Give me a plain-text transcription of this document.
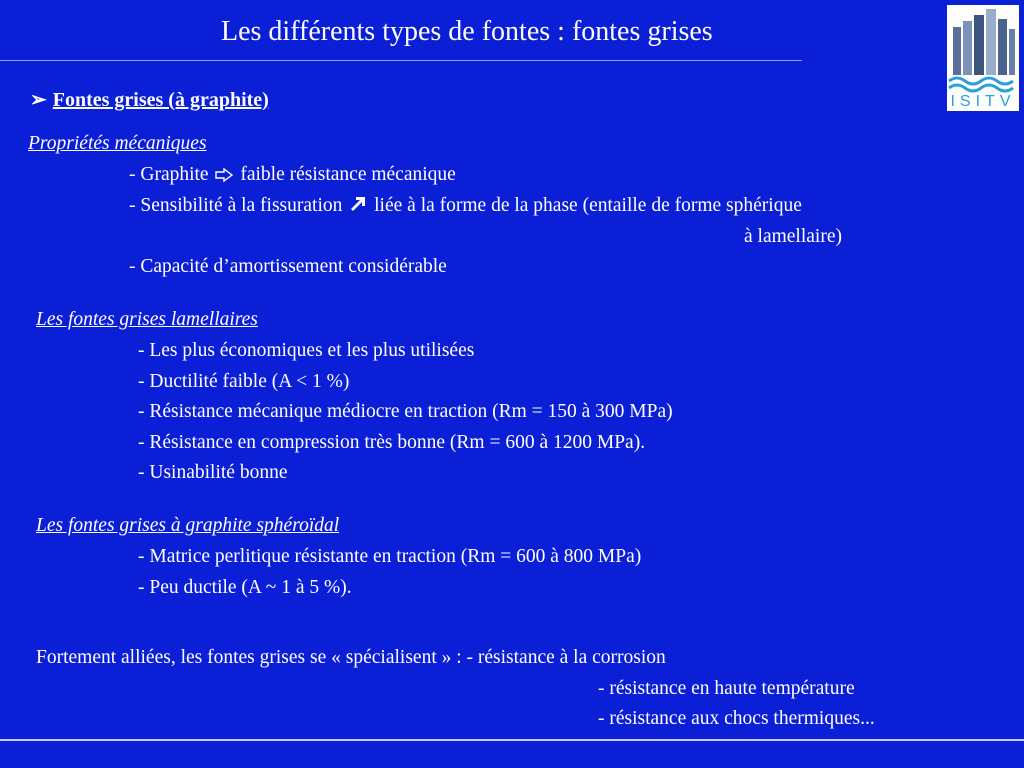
Les différents types de fontes : fontes grises
ISITV
➢ Fontes grises (à graphite)
Propriétés mécaniques
- Graphite faible résistance mécanique
- Sensibilité à la fissuration liée à la forme de la phase (entaille de forme sphérique
à lamellaire)
- Capacité d’amortissement considérable
Les fontes grises lamellaires
- Les plus économiques et les plus utilisées
- Ductilité faible (A < 1 %)
- Résistance mécanique médiocre en traction (Rm = 150 à 300 MPa)
- Résistance en compression très bonne (Rm = 600 à 1200 MPa).
- Usinabilité bonne
Les fontes grises à graphite sphéroïdal
- Matrice perlitique résistante en traction (Rm = 600 à 800 MPa)
- Peu ductile (A ~ 1 à 5 %).
Fortement alliées, les fontes grises se « spécialisent » : - résistance à la corrosion
- résistance en haute température
- résistance aux chocs thermiques...
